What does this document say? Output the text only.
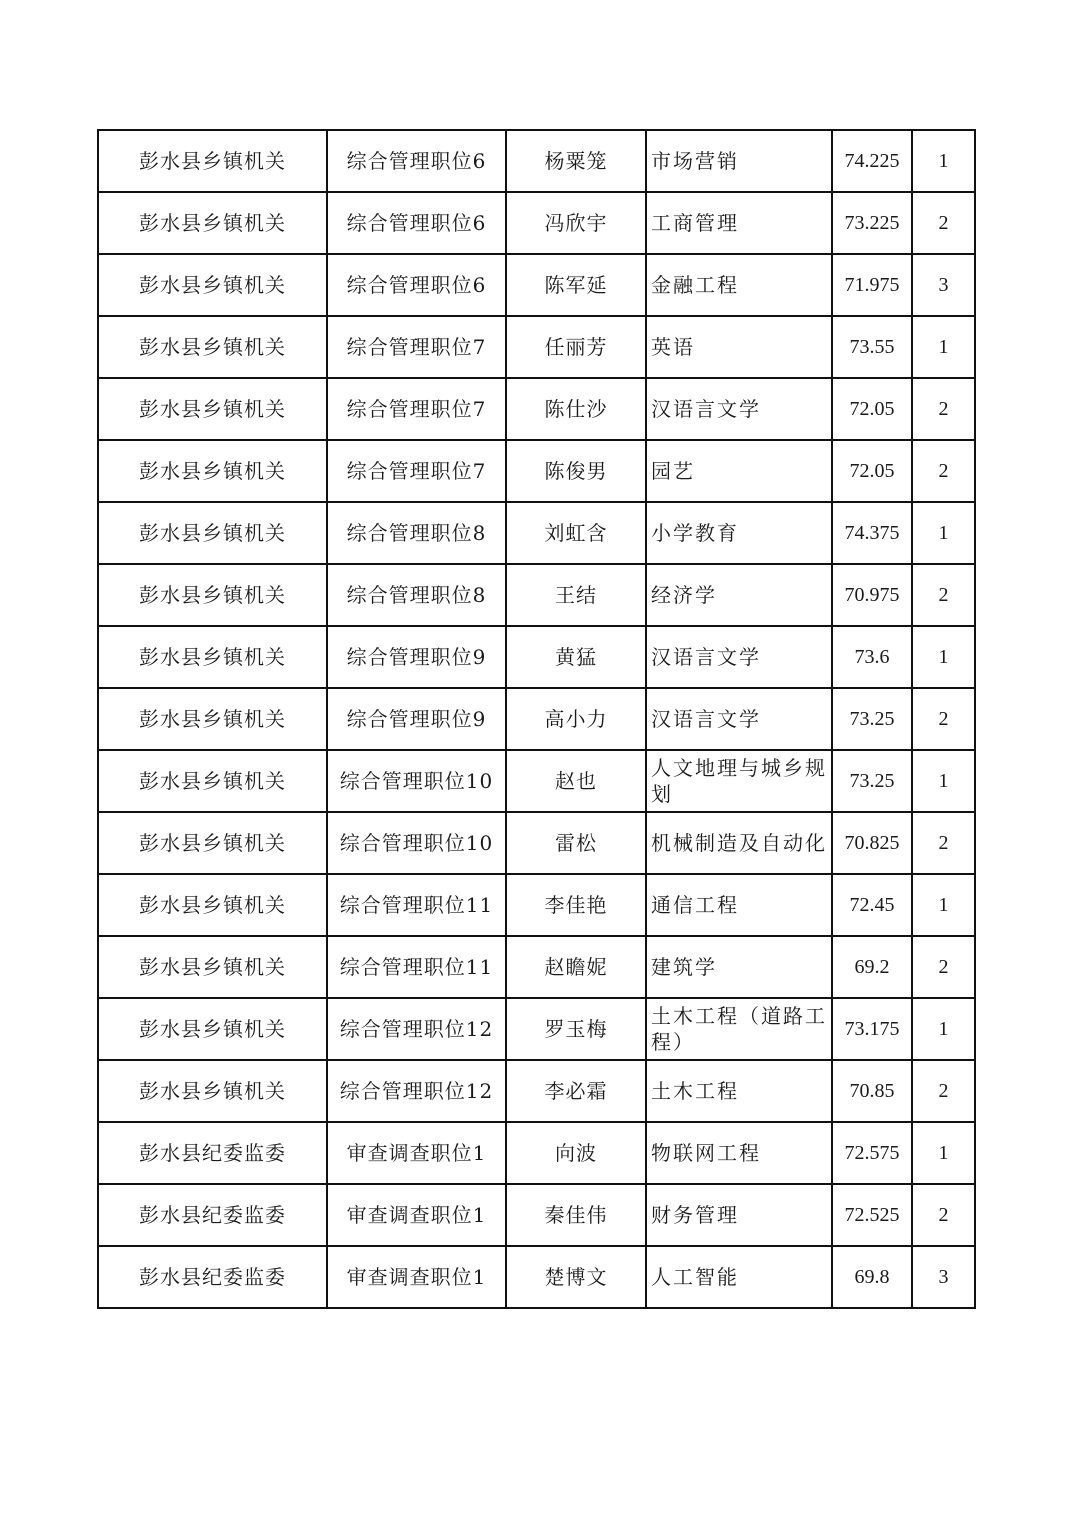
彭水县乡镇机关	综合管理职位6	杨粟笼	市场营销	74.225	1
彭水县乡镇机关	综合管理职位6	冯欣宇	工商管理	73.225	2
彭水县乡镇机关	综合管理职位6	陈军延	金融工程	71.975	3
彭水县乡镇机关	综合管理职位7	任丽芳	英语	73.55	1
彭水县乡镇机关	综合管理职位7	陈仕沙	汉语言文学	72.05	2
彭水县乡镇机关	综合管理职位7	陈俊男	园艺	72.05	2
彭水县乡镇机关	综合管理职位8	刘虹含	小学教育	74.375	1
彭水县乡镇机关	综合管理职位8	王结	经济学	70.975	2
彭水县乡镇机关	综合管理职位9	黄猛	汉语言文学	73.6	1
彭水县乡镇机关	综合管理职位9	高小力	汉语言文学	73.25	2
彭水县乡镇机关	综合管理职位10	赵也	人文地理与城乡规划	73.25	1
彭水县乡镇机关	综合管理职位10	雷松	机械制造及自动化	70.825	2
彭水县乡镇机关	综合管理职位11	李佳艳	通信工程	72.45	1
彭水县乡镇机关	综合管理职位11	赵瞻妮	建筑学	69.2	2
彭水县乡镇机关	综合管理职位12	罗玉梅	土木工程（道路工程）	73.175	1
彭水县乡镇机关	综合管理职位12	李必霜	土木工程	70.85	2
彭水县纪委监委	审查调查职位1	向波	物联网工程	72.575	1
彭水县纪委监委	审查调查职位1	秦佳伟	财务管理	72.525	2
彭水县纪委监委	审查调查职位1	楚博文	人工智能	69.8	3
